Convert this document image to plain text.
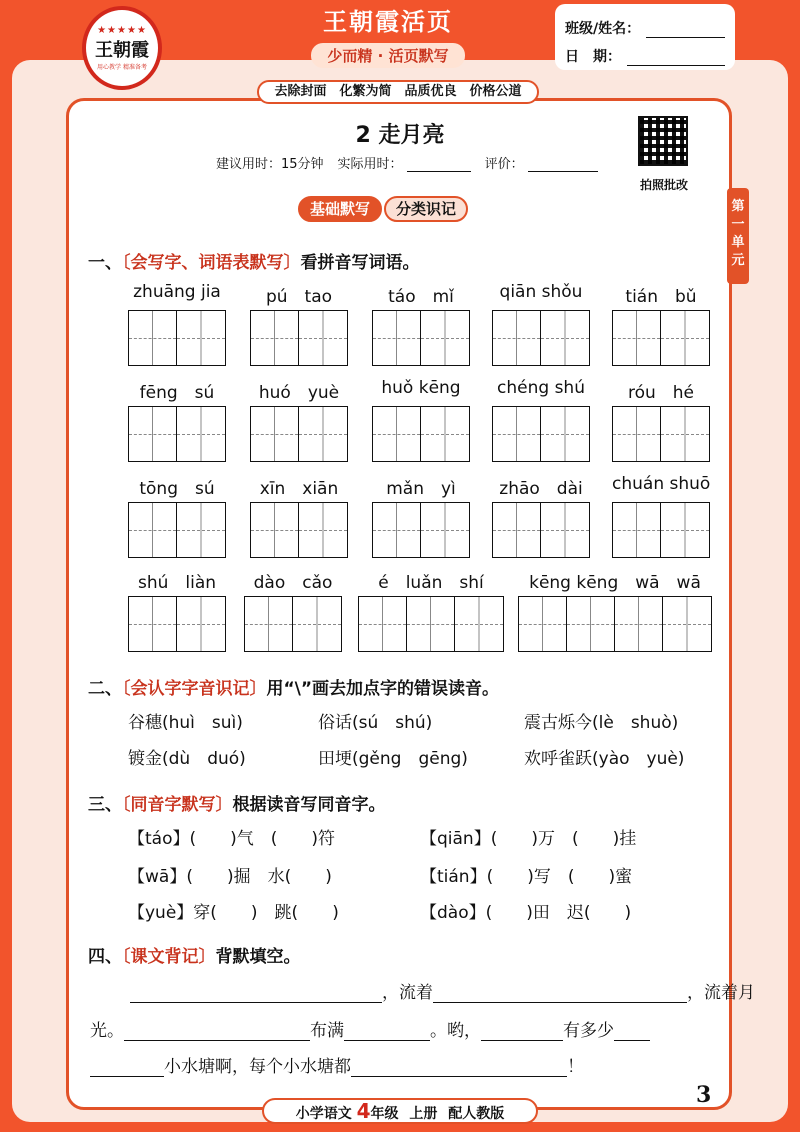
★★★★★
王朝霞
用心教学 精准备考
王朝霞活页
少而精 · 活页默写
班级/姓名：
日　期：
去除封面　化繁为简　品质优良　价格公道
第一单元
拍照批改
2 走月亮
建议用时：15分钟 实际用时：	评价：
基础默写	分类识记
一、〔会写字、词语表默写〕看拼音写词语。
zhuāng jia	pú　tao	táo　mǐ	qiān shǒu	tián　bǔ
fēng　sú	huó　yuè	huǒ kēng	chéng shú	róu　hé
tōng　sú	xīn　xiān	mǎn　yì	zhāo　dài	chuán shuō
shú　liàn	dào　cǎo	é　luǎn　shí	kēng kēng　wā　wā
二、〔会认字字音识记〕用“\”画去加点字的错误读音。
谷穗(huì　suì)	俗话(sú　shú)	震古烁今(lè　shuò)
镀金(dù　duó)	田埂(gěng　gēng)	欢呼雀跃(yào　yuè)
三、〔同音字默写〕根据读音写同音字。
【táo】(　　)气　(　　)符	【qiān】(　　)万　(　　)挂
【wā】(　　)掘　水(　　)	【tián】(　　)写　(　　)蜜
【yuè】穿(　　)　跳(　　)	【dào】(　　)田　迟(　　)
四、〔课文背记〕背默填空。
，流着	，流着月
光。	布满	。哟，	有多少
小水塘啊，每个小水塘都	！
小学语文 4年级 上册 配人教版
3
